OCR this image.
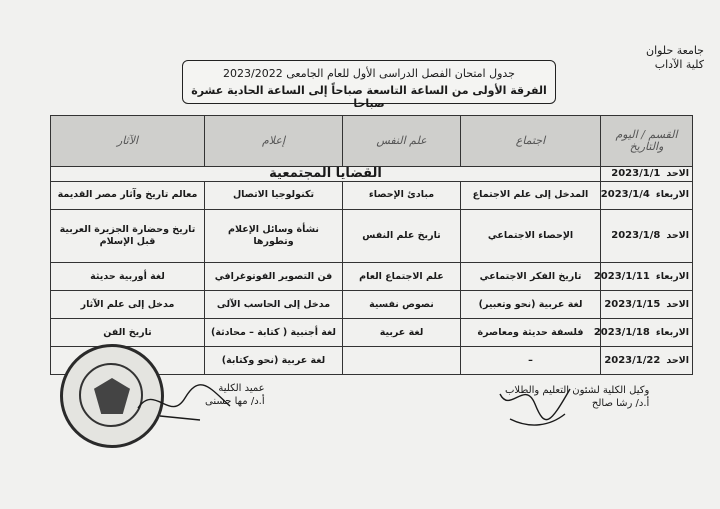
جامعة حلوان
كلية الآداب
جدول امتحان الفصل الدراسى الأول للعام الجامعى 2023/2022
الفرقة الأولى من الساعة التاسعة صباحاً إلى الساعة الحادية عشرة صباحا
القسم / اليوم والتاريخ	اجتماع	علم النفس	إعلام	الآثار
الاحد2023/1/1	القضايا المجتمعية			
الاربعاء2023/1/4	المدخل إلى علم الاجتماع	مبادئ الإحصاء	تكنولوجيا الاتصال	معالم تاريخ وآثار مصر القديمة
الاحد2023/1/8	الإحصاء الاجتماعي	تاريخ علم النفس	نشأة وسائل الإعلام وتطورها	تاريخ وحضارة الجزيرة العربية قبل الإسلام
الاربعاء2023/1/11	تاريخ الفكر الاجتماعي	علم الاجتماع العام	فن التصوير الفوتوغرافي	لغة أوربية حديثة
الاحد2023/1/15	لغة عربية (نحو وتعبير)	نصوص نفسية	مدخل إلى الحاسب الآلى	مدخل إلى علم الآثار
الاربعاء2023/1/18	فلسفة حديثة ومعاصرة	لغة عربية	لغة أجنبية ( كتابة – محادثة)	تاريخ الفن
الاحد2023/1/22	–		لغة عربية (نحو وكتابة)	
عميد الكلية
أ.د/ مها حسنى
وكيل الكلية لشئون التعليم والطلاب
أ.د/ رشا صالح
